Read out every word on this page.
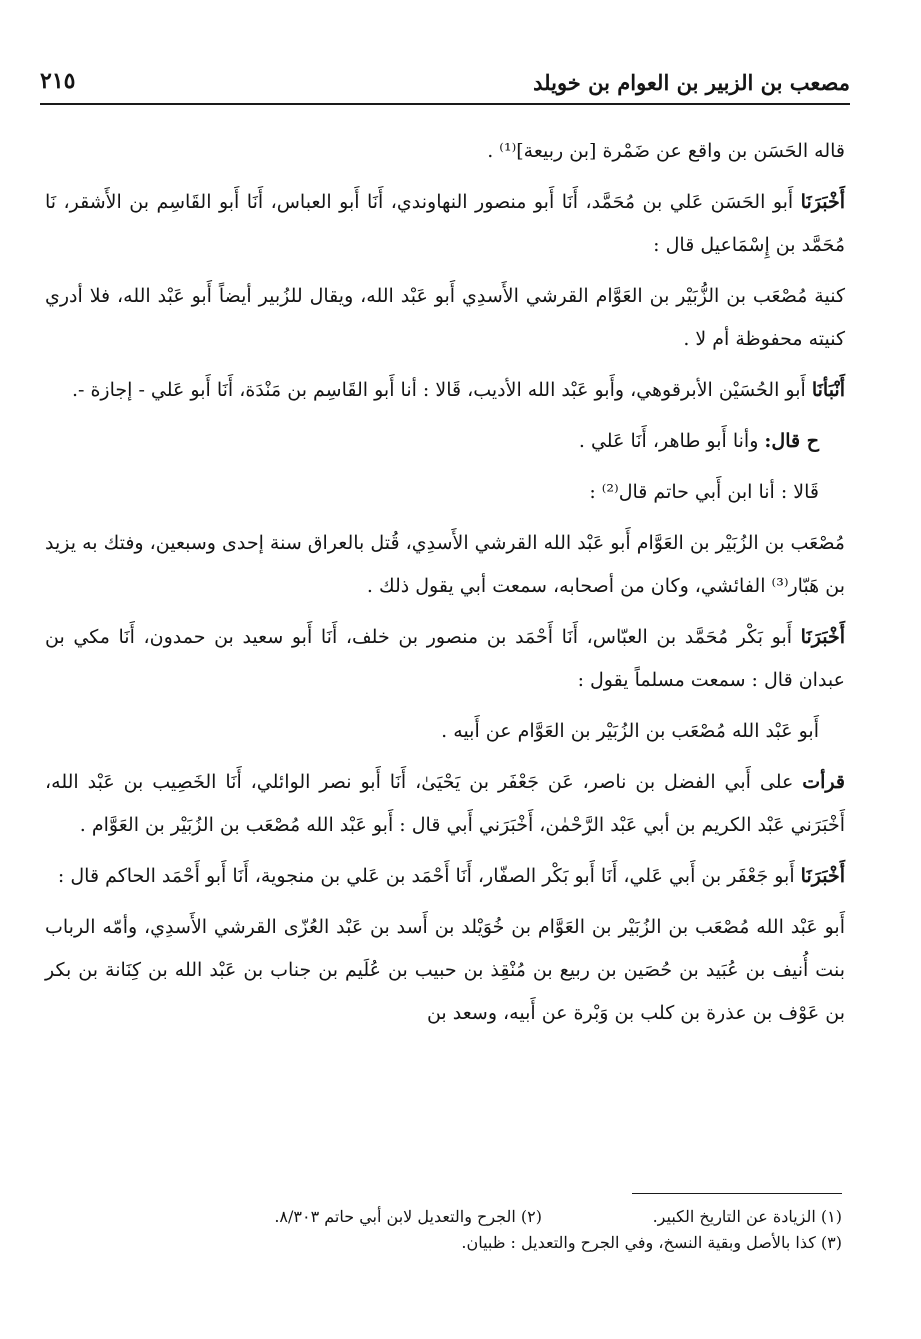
مصعب بن الزبير بن العوام بن خويلد
٢١٥

قاله الحَسَن بن واقع عن ضَمْرة [بن ربيعة]⁽¹⁾ .

أَخْبَرَنَا أَبو الحَسَن عَلي بن مُحَمَّد، أَنَا أَبو منصور النهاوندي، أَنَا أَبو العباس، أَنَا أَبو القَاسِم بن الأَشقر، نَا مُحَمَّد بن إِسْمَاعيل قال :

كنية مُصْعَب بن الزُّبَيْر بن العَوَّام القرشي الأَسدِي أَبو عَبْد الله، ويقال للزُبير أيضاً أَبو عَبْد الله، فلا أدري كنيته محفوظة أم لا .

أَنْبَأنَا أَبو الحُسَيْن الأبرقوهي، وأَبو عَبْد الله الأديب، قَالا : أنا أَبو القَاسِم بن مَنْدَة، أَنَا أَبو عَلي - إجازة -.

ح قال: وأنا أَبو طاهر، أَنَا عَلي .

قَالا : أنا ابن أَبي حاتم قال⁽²⁾ :

مُصْعَب بن الزُبَيْر بن العَوَّام أَبو عَبْد الله القرشي الأَسدِي، قُتل بالعراق سنة إحدى وسبعين، وفتك به يزيد بن هَبّار⁽³⁾ الفائشي، وكان من أصحابه، سمعت أبي يقول ذلك .

أَخْبَرَنَا أَبو بَكْر مُحَمَّد بن العبّاس، أَنَا أَحْمَد بن منصور بن خلف، أَنَا أَبو سعيد بن حمدون، أَنَا مكي بن عبدان قال : سمعت مسلماً يقول :

أَبو عَبْد الله مُصْعَب بن الزُبَيْر بن العَوَّام عن أَبيه .

قرأت على أَبي الفضل بن ناصر، عَن جَعْفَر بن يَحْيَىٰ، أَنَا أَبو نصر الوائلي، أَنَا الخَصِيب بن عَبْد الله، أَخْبَرَني عَبْد الكريم بن أبي عَبْد الرَّحْمٰن، أَخْبَرَني أَبي قال : أَبو عَبْد الله مُصْعَب بن الزُبَيْر بن العَوَّام .

أَخْبَرَنَا أَبو جَعْفَر بن أَبي عَلي، أَنَا أَبو بَكْر الصفّار، أَنَا أَحْمَد بن عَلي بن منجوية، أَنَا أَبو أَحْمَد الحاكم قال :

أَبو عَبْد الله مُصْعَب بن الزُبَيْر بن العَوَّام بن خُوَيْلد بن أَسد بن عَبْد العُزّى القرشي الأَسدِي، وأمّه الرباب بنت أُنيف بن عُبَيد بن حُصَين بن ربيع بن مُنْقِذ بن حبيب بن عُلَيم بن جناب بن عَبْد الله بن كِنَانة بن بكر بن عَوْف بن عذرة بن كلب بن وَبْرة عن أَبيه، وسعد بن

(١) الزيادة عن التاريخ الكبير.
(٢) الجرح والتعديل لابن أبي حاتم ٨/٣٠٣.
(٣) كذا بالأصل وبقية النسخ، وفي الجرح والتعديل : ظبيان.
